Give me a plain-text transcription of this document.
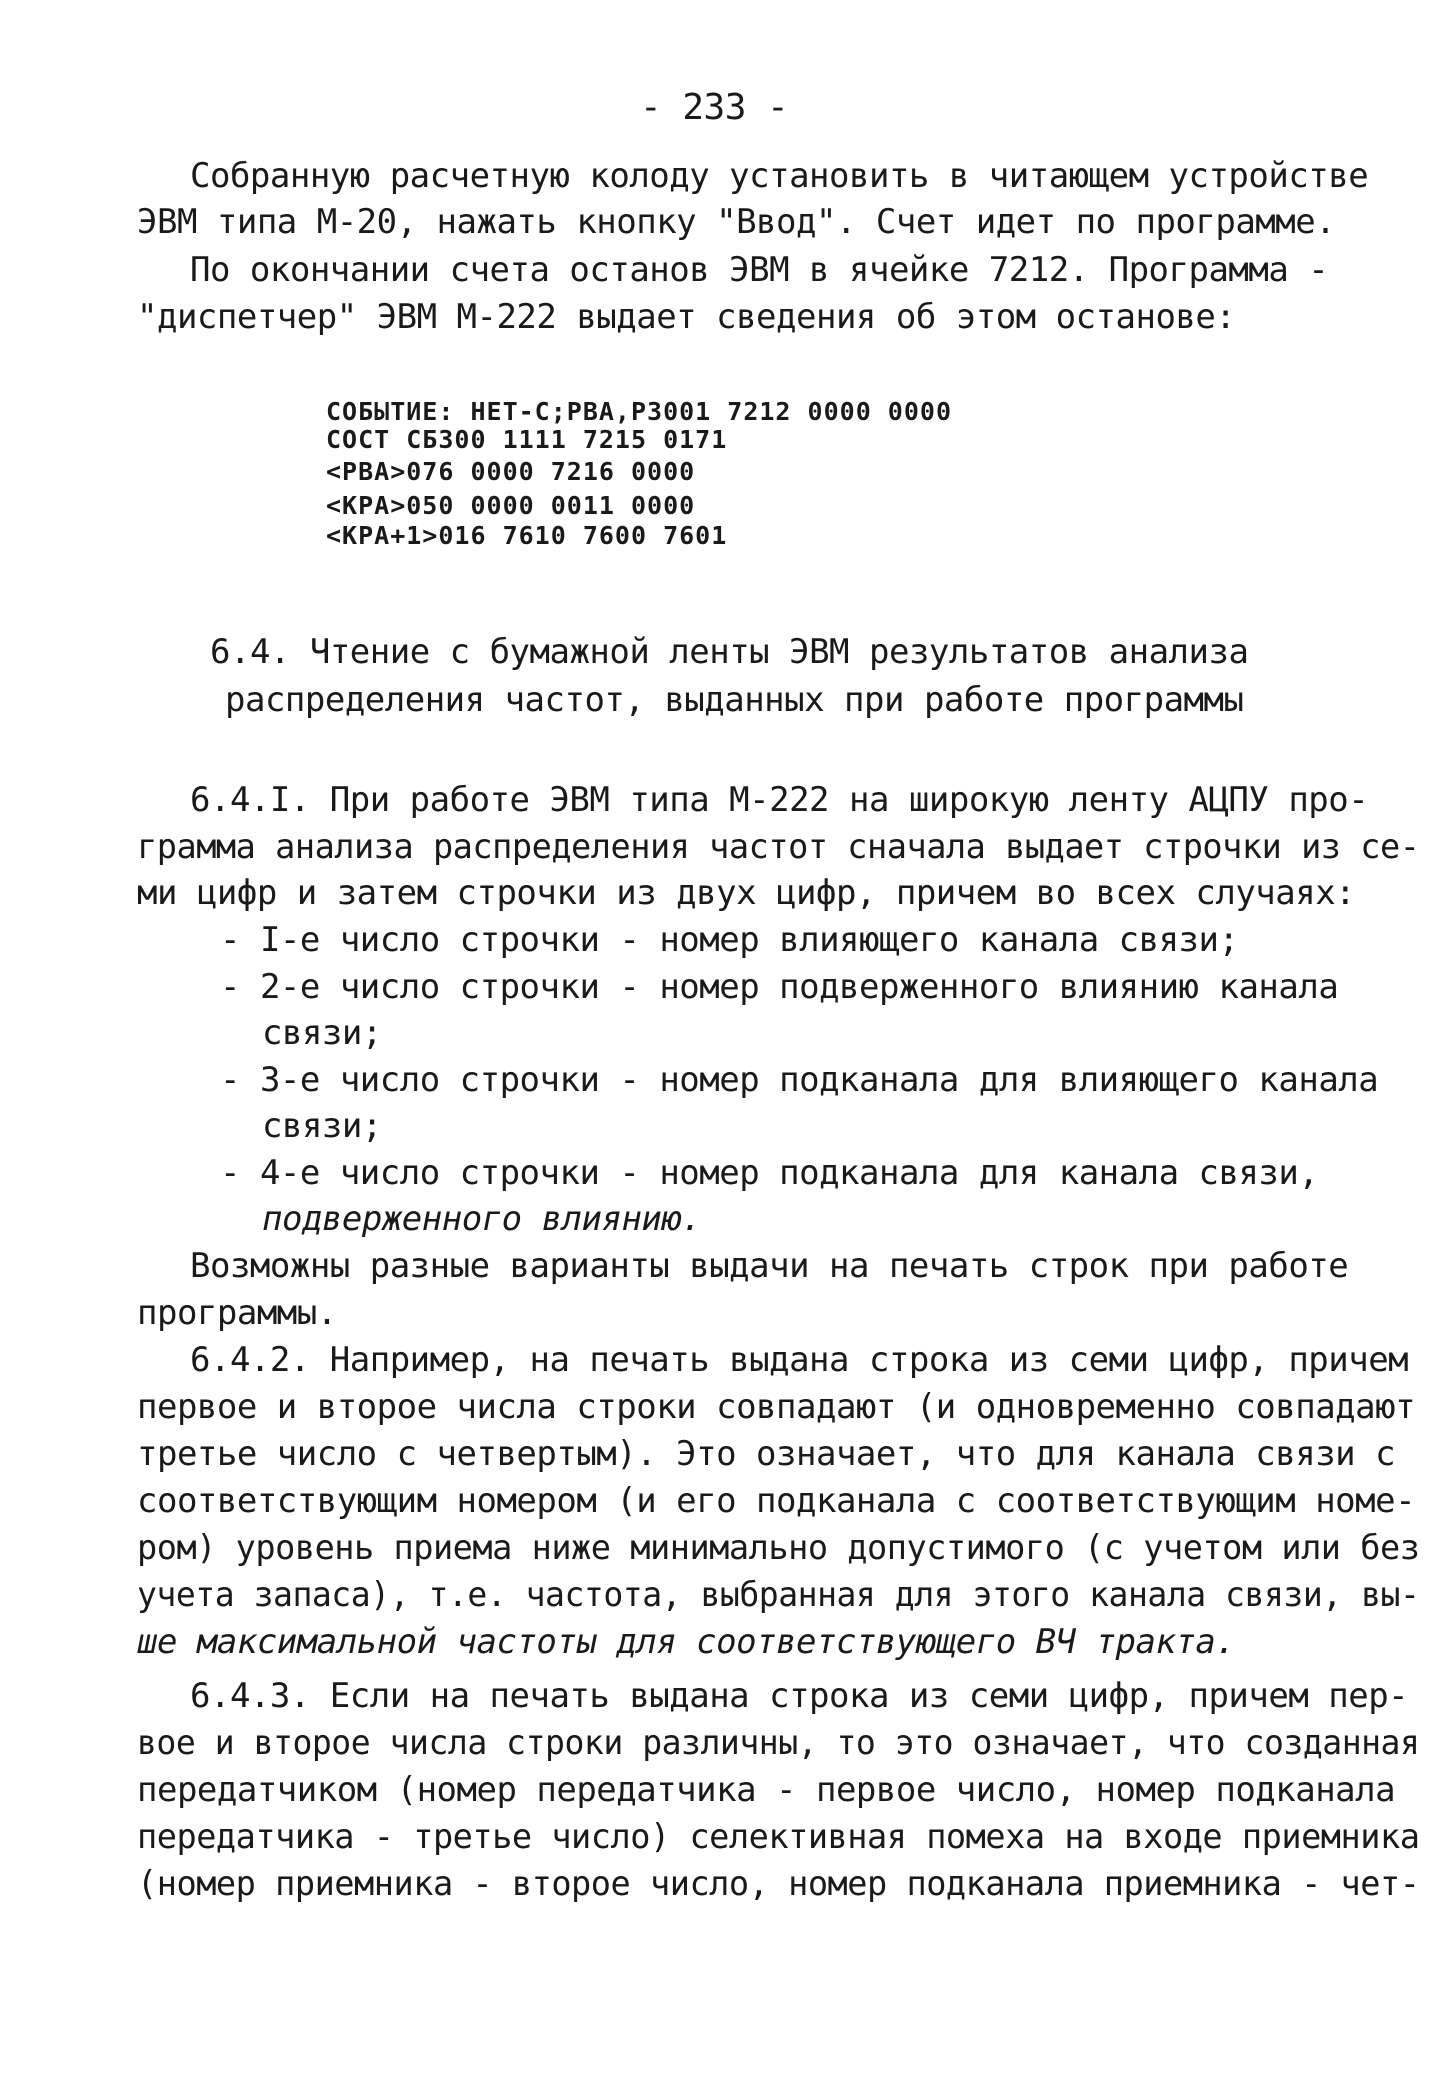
- 233 -
Собранную расчетную колоду установить в читающем устройстве
ЭВМ типа М-20, нажать кнопку "Ввод". Счет идет по программе.
По окончании счета останов ЭВМ в ячейке 7212. Программа -
"диспетчер" ЭВМ М-222 выдает сведения об этом останове:
СОБЫТИЕ: НЕТ-С;РВА,Р3001 7212 0000 0000
СОСТ СБ300 1111 7215 0171
<РВА>076 0000 7216 0000
<КРА>050 0000 0011 0000
<КРА+1>016 7610 7600 7601
6.4. Чтение с бумажной ленты ЭВМ результатов анализа
распределения частот, выданных при работе программы
6.4.I. При работе ЭВМ типа М-222 на широкую ленту АЦПУ про-
грамма анализа распределения частот сначала выдает строчки из се-
ми цифр и затем строчки из двух цифр, причем во всех случаях:
- I-е число строчки - номер влияющего канала связи;
- 2-е число строчки - номер подверженного влиянию канала
связи;
- 3-е число строчки - номер подканала для влияющего канала
связи;
- 4-е число строчки - номер подканала для канала связи,
подверженного влиянию.
Возможны разные варианты выдачи на печать строк при работе
программы.
6.4.2. Например, на печать выдана строка из семи цифр, причем
первое и второе числа строки совпадают (и одновременно совпадают
третье число с четвертым). Это означает, что для канала связи с
соответствующим номером (и его подканала с соответствующим номе-
ром) уровень приема ниже минимально допустимого (с учетом или без
учета запаса), т.е. частота, выбранная для этого канала связи, вы-
ше максимальной частоты для соответствующего ВЧ тракта.
6.4.3. Если на печать выдана строка из семи цифр, причем пер-
вое и второе числа строки различны, то это означает, что созданная
передатчиком (номер передатчика - первое число, номер подканала
передатчика - третье число) селективная помеха на входе приемника
(номер приемника - второе число, номер подканала приемника - чет-
